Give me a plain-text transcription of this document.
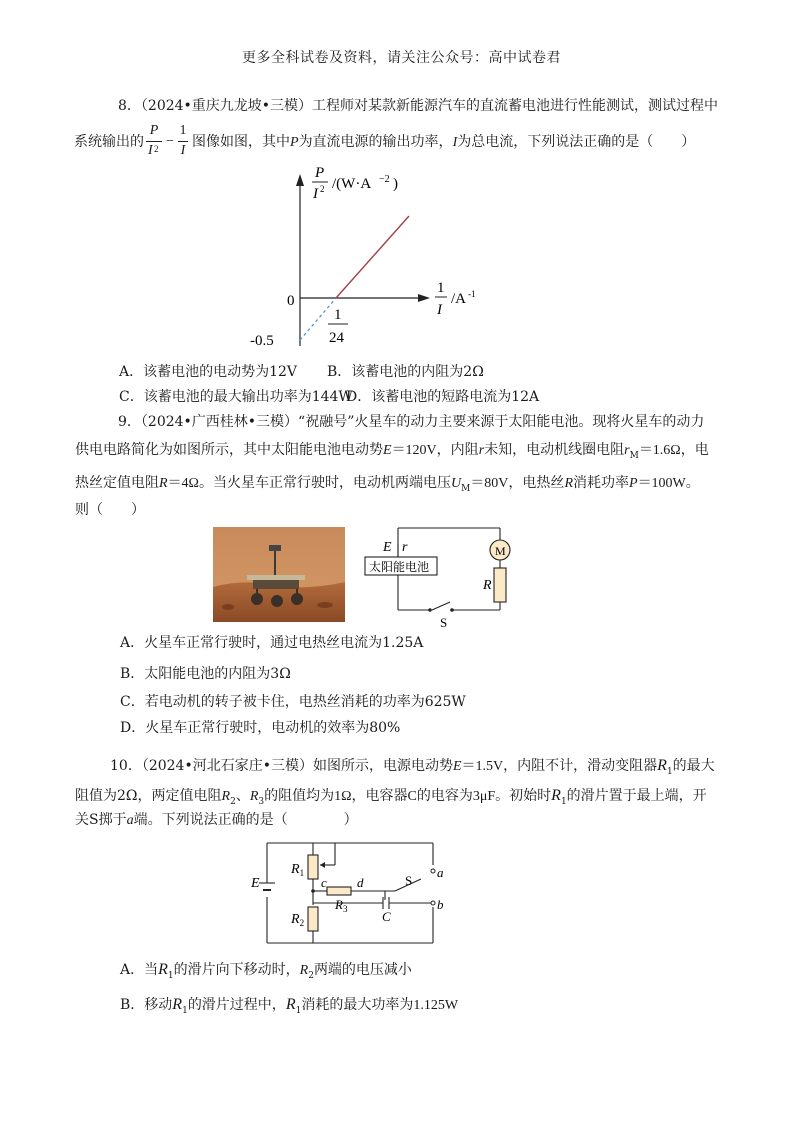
更多全科试卷及资料，请关注公众号：高中试卷君
8．（2024•重庆九龙坡•三模）工程师对某款新能源汽车的直流蓄电池进行性能测试，测试过程中
系统输出的
P
I 2 −
1
I
图像如图，其中P为直流电源的输出功率，I为总电流，下列说法正确的是（　　）
P
I 2 /(W·A −2 )
1
I
/A -1
0
-0.5
1
24
A．该蓄电池的电动势为12V B．该蓄电池的内阻为2Ω
C．该蓄电池的最大输出功率为144W
D．该蓄电池的短路电流为12A
9．（2024•广西桂林•三模）“祝融号”火星车的动力主要来源于太阳能电池。现将火星车的动力
供电电路简化为如图所示，其中太阳能电池电动势E＝120V，内阻r未知，电动机线圈电阻$r_M=1.6\Omega$，电
热丝定值电阻R＝4Ω。当火星车正常行驶时，电动机两端电压$U_M=80V$，电热丝R消耗功率P＝100W。
则（　　）
E r
太阳能电池
M
R
S
A．火星车正常行驶时，通过电热丝电流为1.25A
B．太阳能电池的内阻为3Ω
C．若电动机的转子被卡住，电热丝消耗的功率为625W
D．火星车正常行驶时，电动机的效率为80%
10．（2024•河北石家庄•三模）如图所示，电源电动势E＝1.5V，内阻不计，滑动变阻器$R_1$的最大
阻值为2Ω，两定值电阻$R_2$、$R_3$的阻值均为1Ω，电容器C的电容为3μF。初始时$R_1$的滑片置于最上端，开
关S掷于a端。下列说法正确的是（　　　　）
E
$R_1$
c d	S
a
b
$R_3$	C
$R_2$
A．当$R_1$的滑片向下移动时，$R_2$两端的电压减小
B．移动$R_1$的滑片过程中，$R_1$消耗的最大功率为1.125W
